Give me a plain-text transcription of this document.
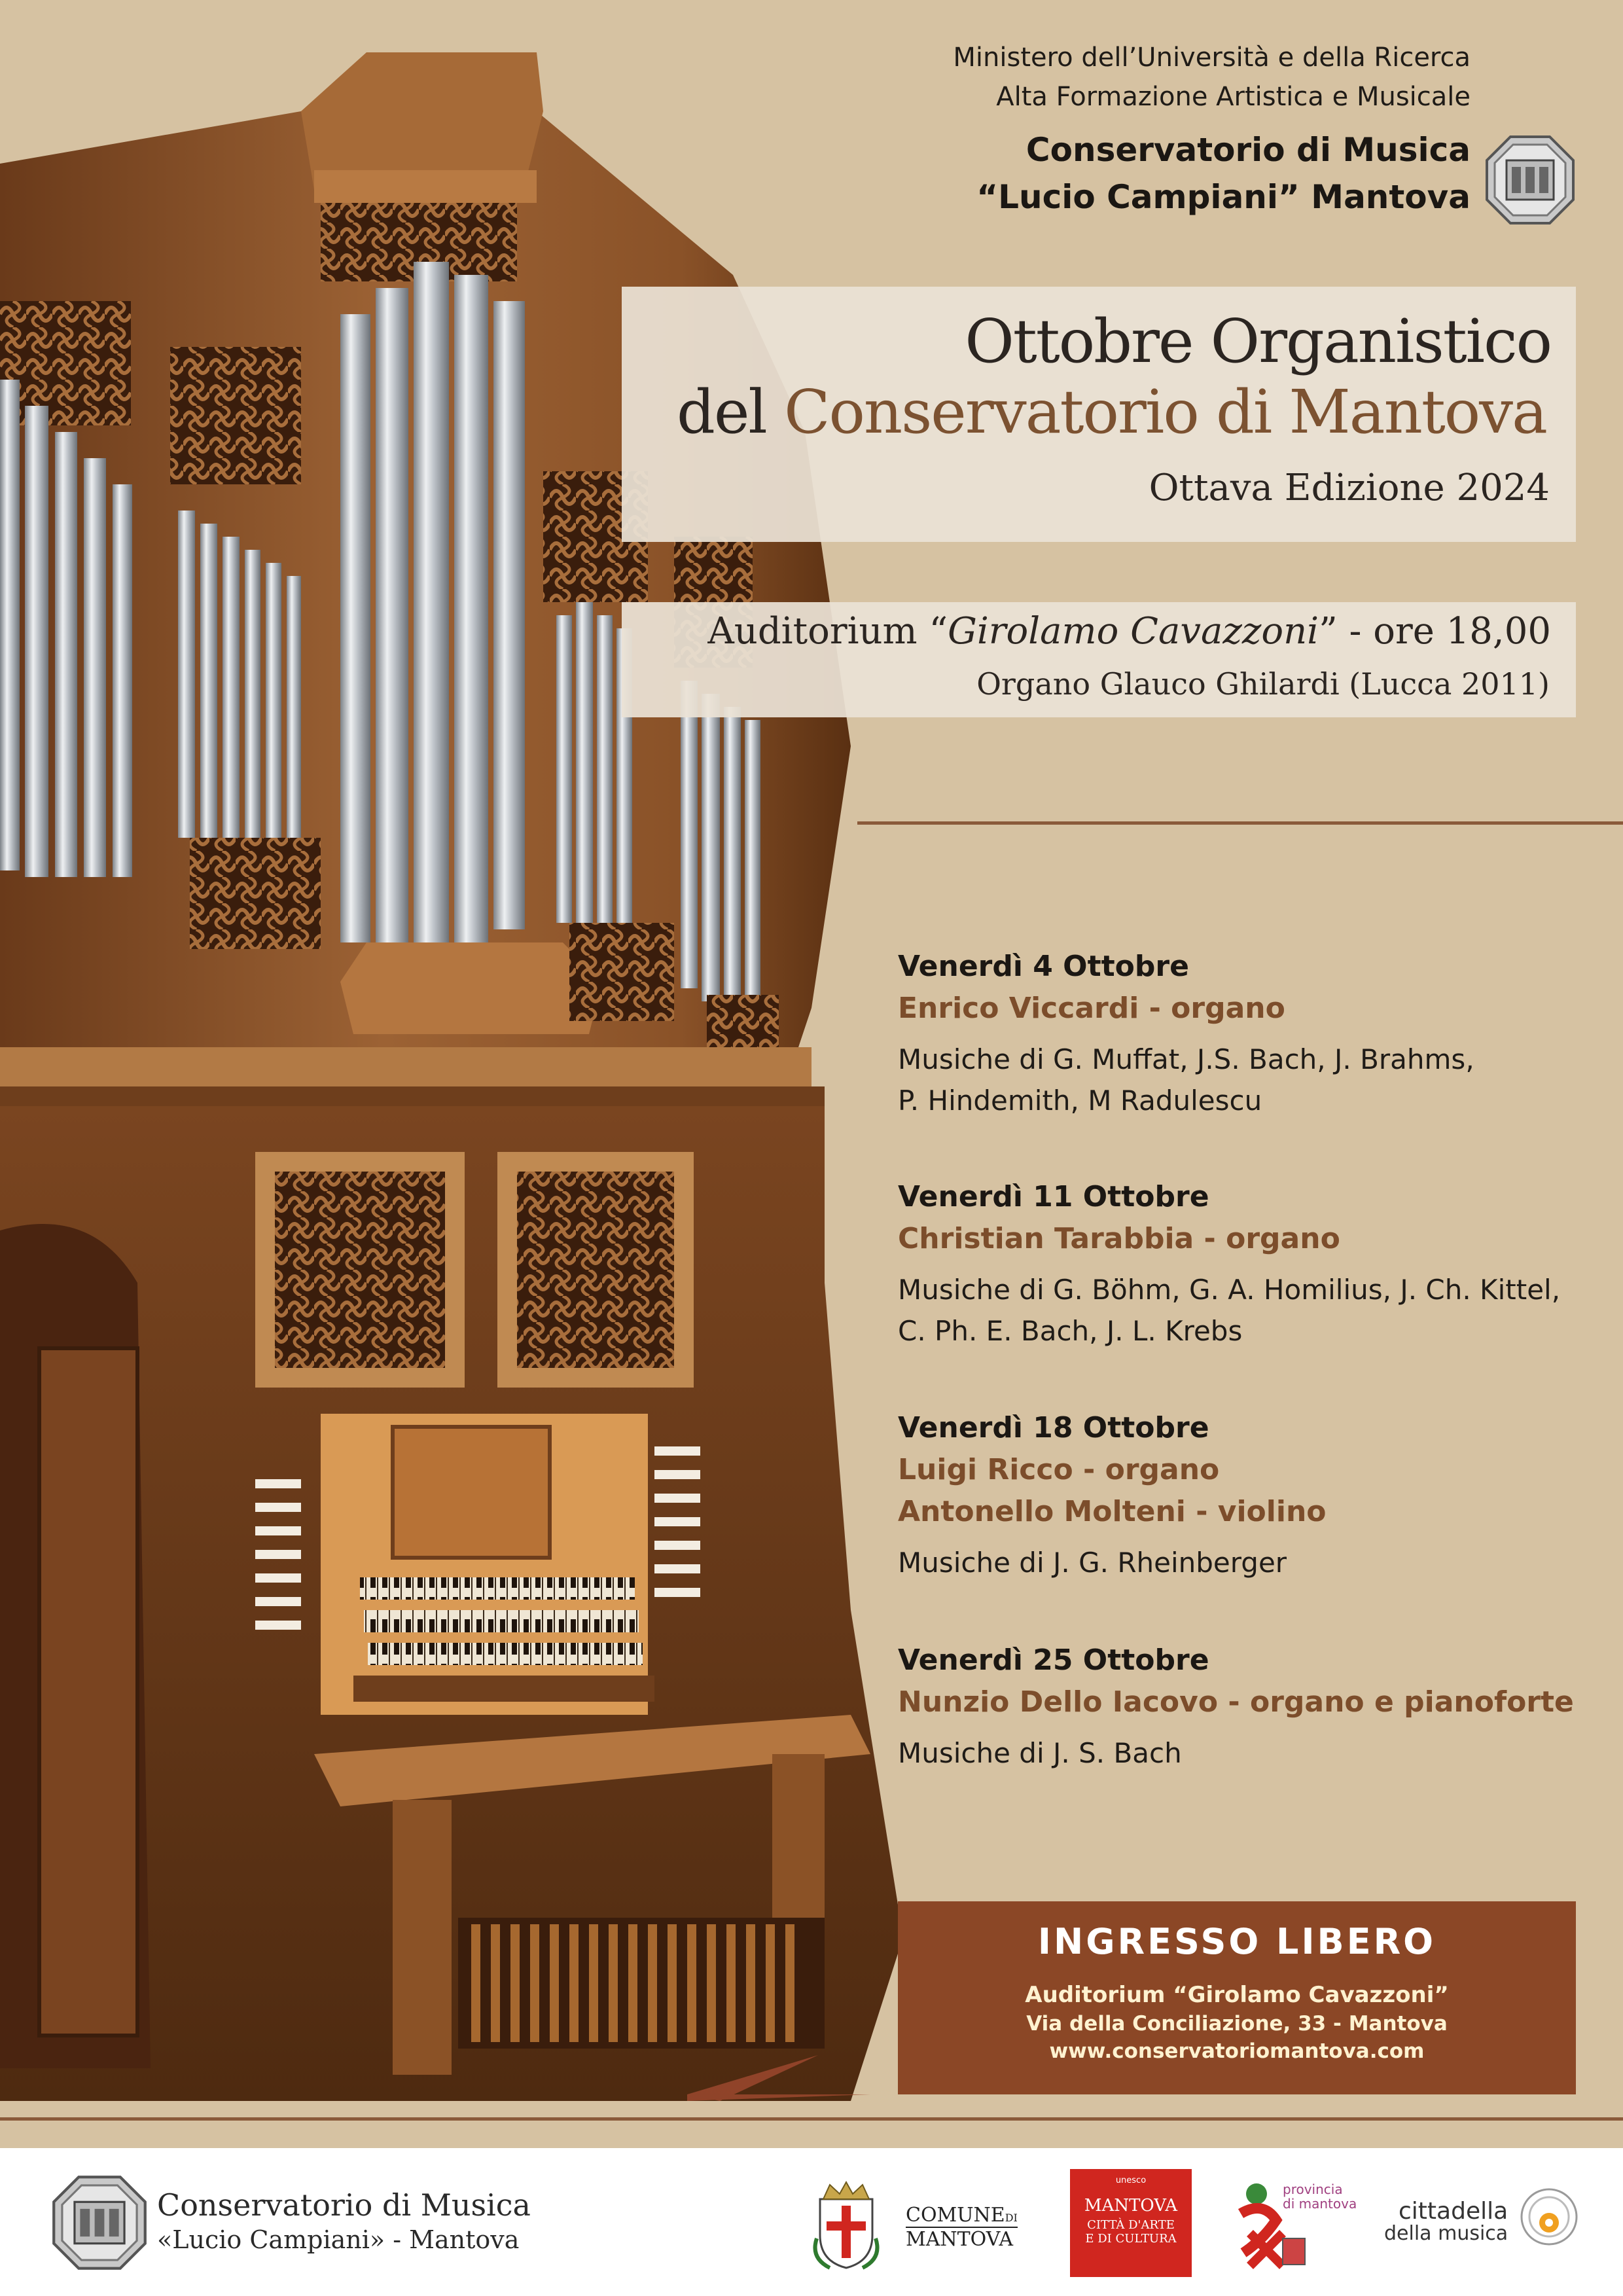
Ministero dell’Università e della Ricerca
Alta Formazione Artistica e Musicale
Conservatorio di Musica
“Lucio Campiani” Mantova
Ottobre Organistico
del Conservatorio di Mantova
Ottava Edizione 2024
Auditorium “Girolamo Cavazzoni” - ore 18,00
Organo Glauco Ghilardi (Lucca 2011)
Venerdì 4 Ottobre
Enrico Viccardi - organo
Musiche di G. Muffat, J.S. Bach, J. Brahms,
P. Hindemith, M Radulescu
Venerdì 11 Ottobre
Christian Tarabbia - organo
Musiche di G. Böhm, G. A. Homilius, J. Ch. Kittel,
C. Ph. E. Bach, J. L. Krebs
Venerdì 18 Ottobre
Luigi Ricco - organo
Antonello Molteni - violino
Musiche di J. G. Rheinberger
Venerdì 25 Ottobre
Nunzio Dello Iacovo - organo e pianoforte
Musiche di J. S. Bach
INGRESSO LIBERO
Auditorium “Girolamo Cavazzoni”
Via della Conciliazione, 33 - Mantova
www.conservatoriomantova.com
Conservatorio di Musica
«Lucio Campiani» - Mantova
COMUNEDI
MANTOVA
unesco
MANTOVA
CITTÀ D'ARTE
E DI CULTURA
provincia
di mantova	cittadella
della musica
